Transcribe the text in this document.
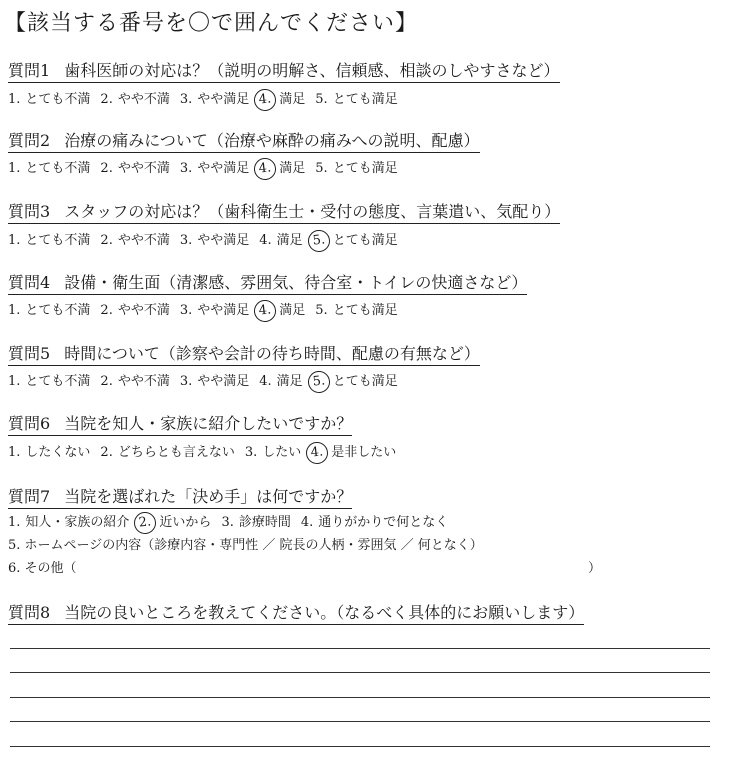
【該当する番号を〇で囲んでください】
質問1 歯科医師の対応は？（説明の明解さ、信頼感、相談のしやすさなど）
1. とても不満 2. やや不満 3. やや満足 4. 満足 5. とても満足
質問2 治療の痛みについて（治療や麻酔の痛みへの説明、配慮）
1. とても不満 2. やや不満 3. やや満足 4. 満足 5. とても満足
質問3 スタッフの対応は？（歯科衛生士・受付の態度、言葉遣い、気配り）
1. とても不満 2. やや不満 3. やや満足 4. 満足 5. とても満足
質問4 設備・衛生面（清潔感、雰囲気、待合室・トイレの快適さなど）
1. とても不満 2. やや不満 3. やや満足 4. 満足 5. とても満足
質問5 時間について（診察や会計の待ち時間、配慮の有無など）
1. とても不満 2. やや不満 3. やや満足 4. 満足 5. とても満足
質問6 当院を知人・家族に紹介したいですか？
1. したくない 2. どちらとも言えない 3. したい 4. 是非したい
質問7 当院を選ばれた「決め手」は何ですか？
1. 知人・家族の紹介 2. 近いから 3. 診療時間 4. 通りがかりで何となく
5. ホームページの内容（診療内容・専門性 ／ 院長の人柄・雰囲気 ／ 何となく）
6. その他（	）
質問8 当院の良いところを教えてください。（なるべく具体的にお願いします）
